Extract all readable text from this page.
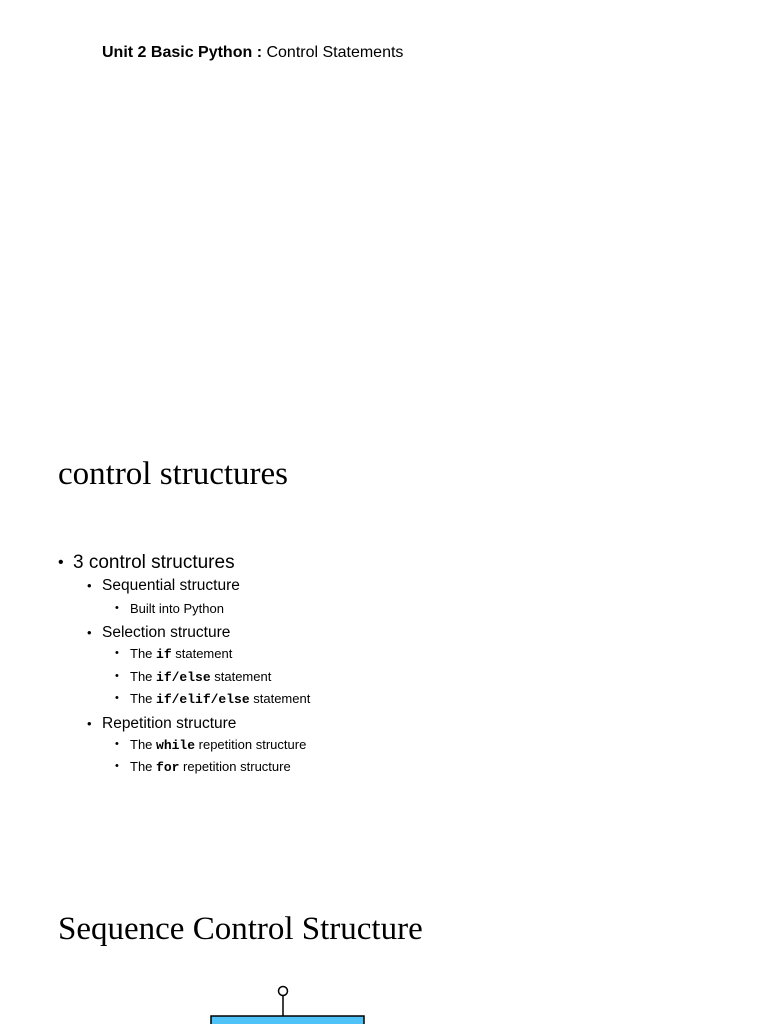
Unit 2 Basic Python : Control Statements
control structures
• 3 control structures
• Sequential structure
• Built into Python
• Selection structure
• The if statement
• The if/else statement
• The if/elif/else statement
• Repetition structure
• The while repetition structure
• The for repetition structure
Sequence Control Structure
